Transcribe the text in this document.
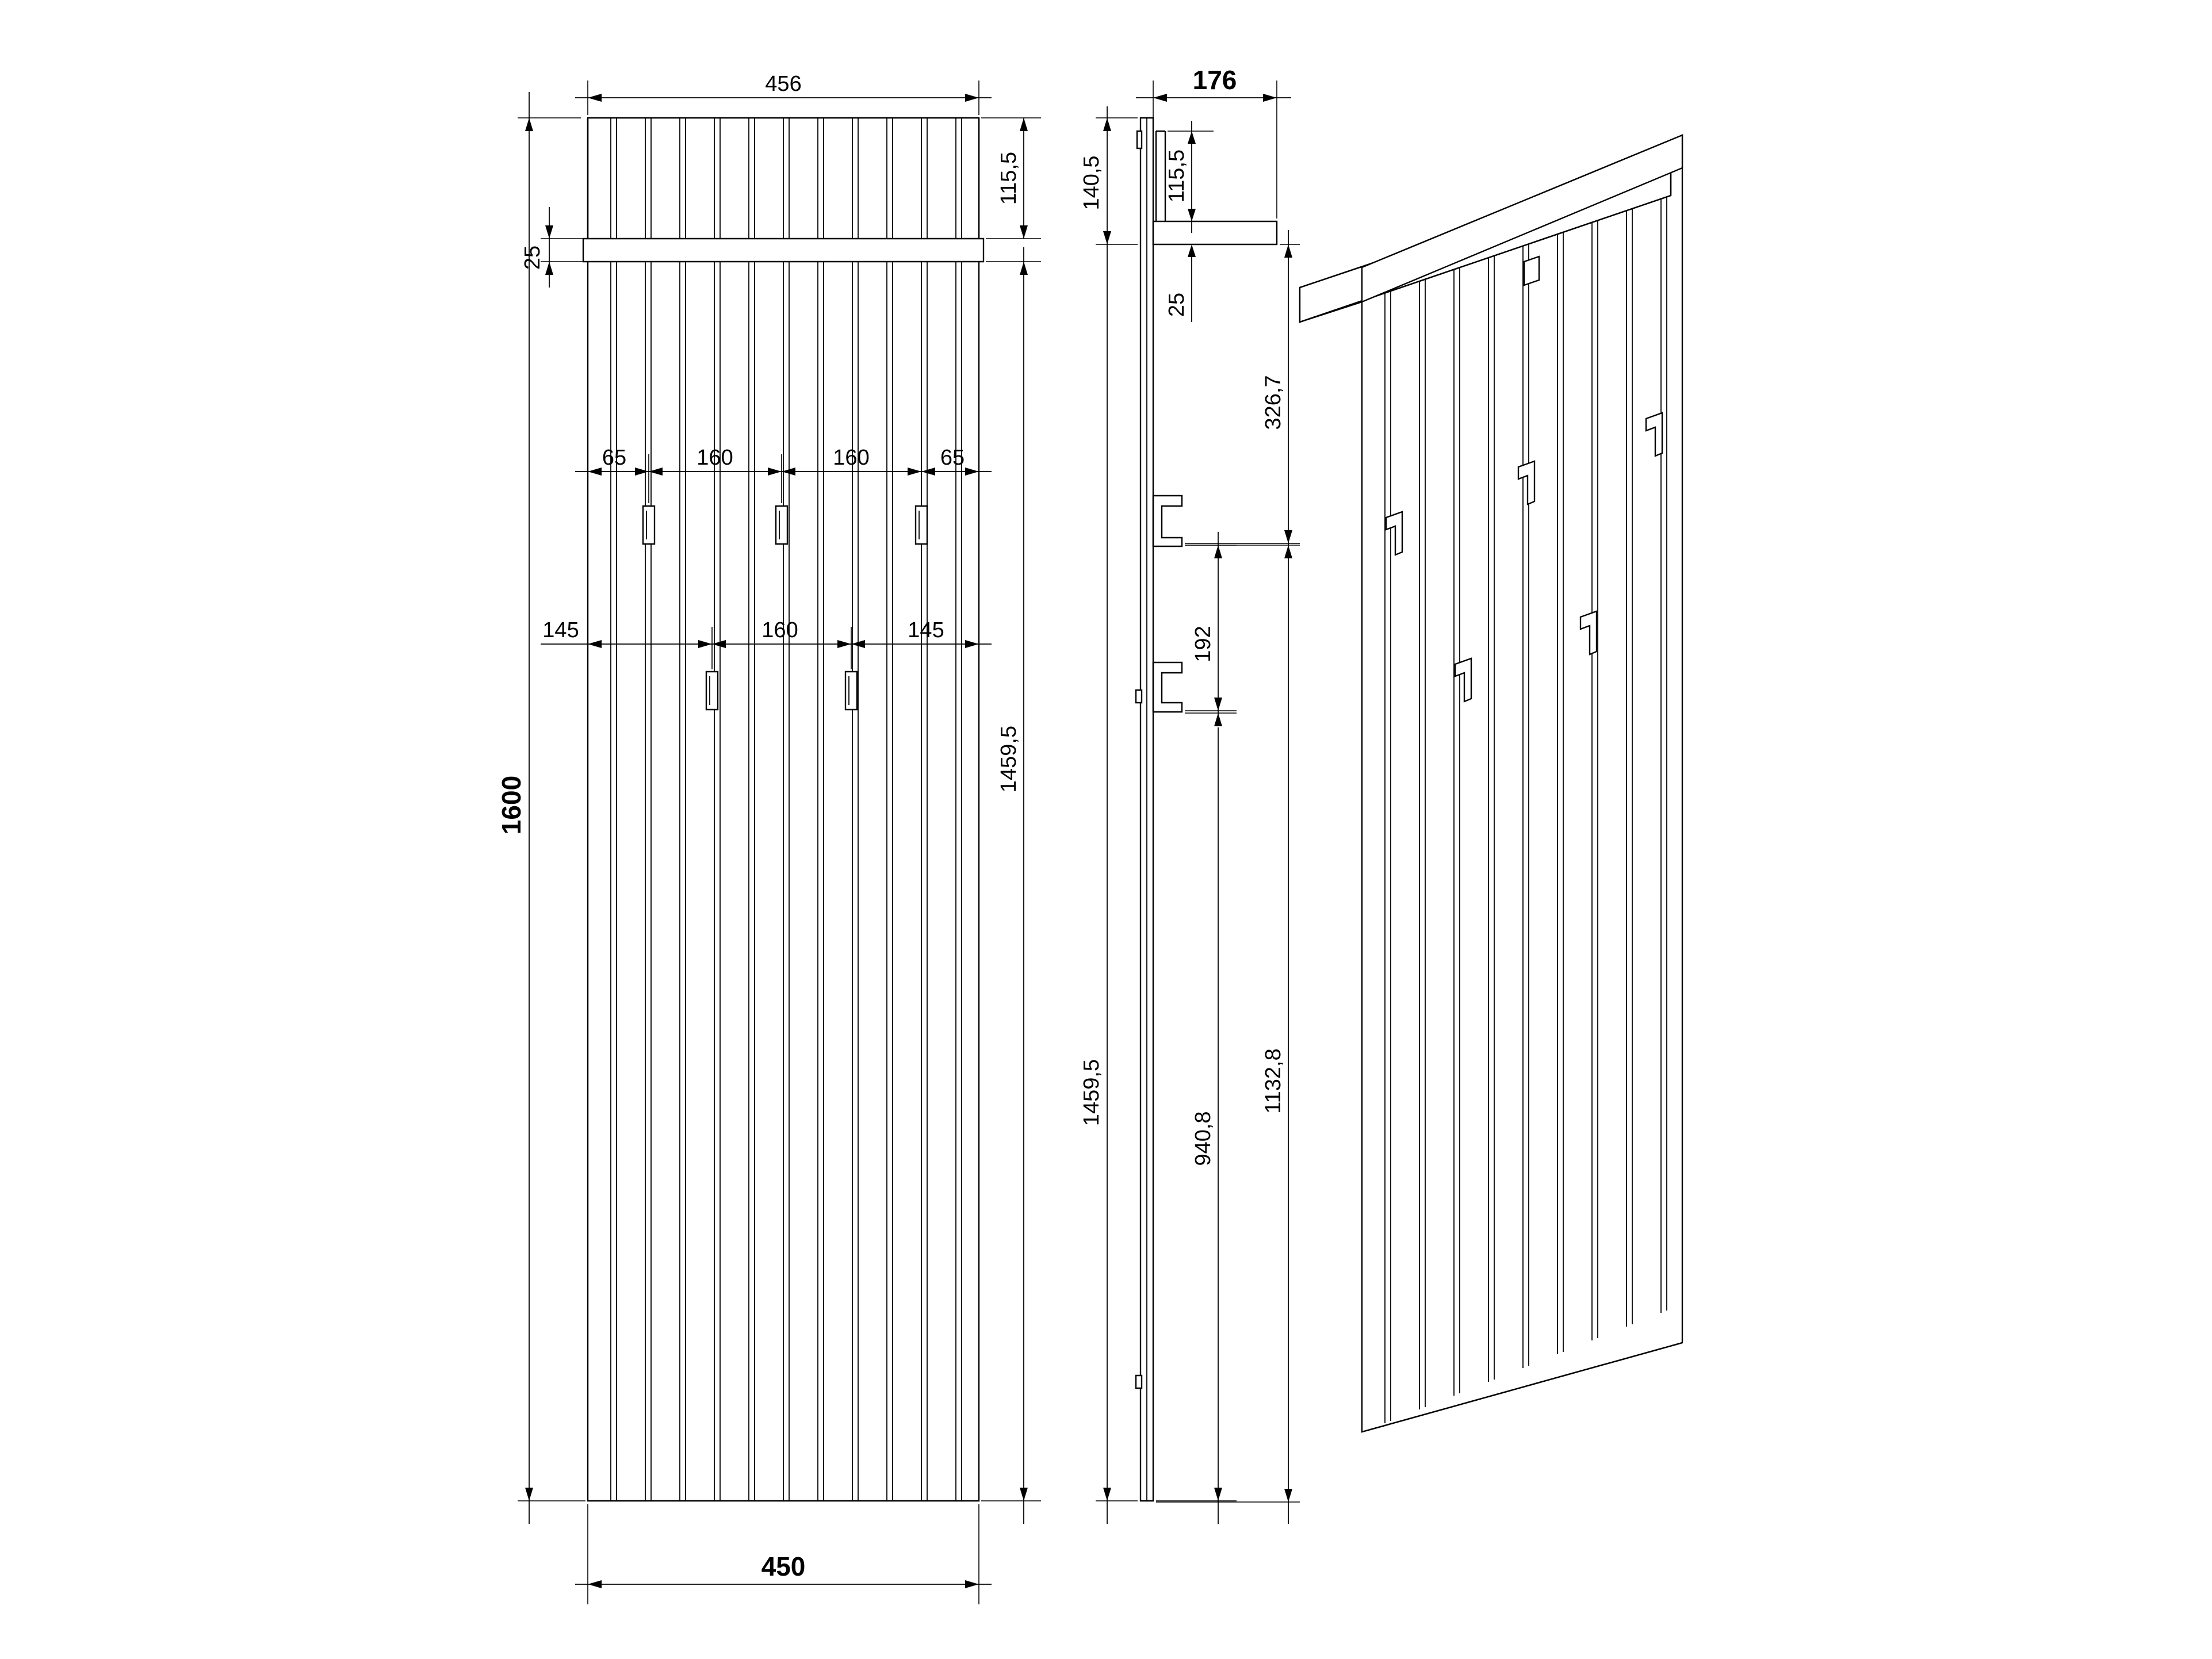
456
25
115,5
65	160	160	65
145	160	145
1600
1459,5
450
176
140,5	115,5
25
326,7
192
1459,5
940,8
1132,8
